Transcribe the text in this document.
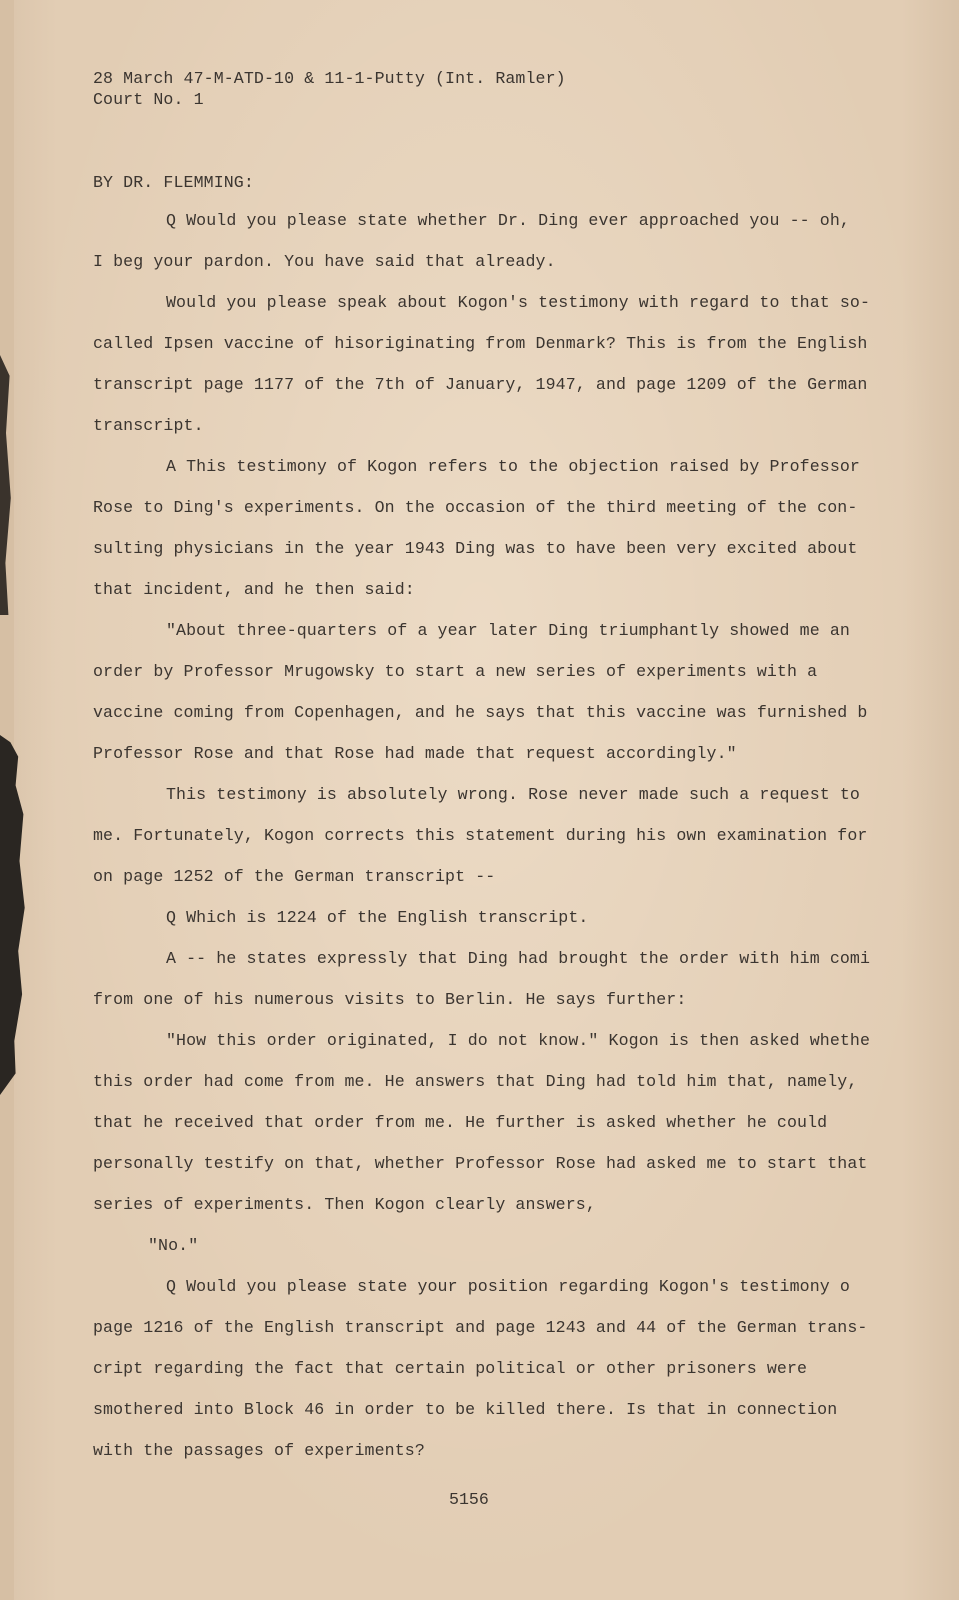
28 March 47-M-ATD-10 & 11-1-Putty (Int. Ramler)
Court No. 1
BY DR. FLEMMING:
Q Would you please state whether Dr. Ding ever approached you -- oh,
I beg your pardon. You have said that already.
Would you please speak about Kogon's testimony with regard to that so-
called Ipsen vaccine of hisoriginating from Denmark? This is from the English
transcript page 1177 of the 7th of January, 1947, and page 1209 of the German
transcript.
A This testimony of Kogon refers to the objection raised by Professor
Rose to Ding's experiments. On the occasion of the third meeting of the con-
sulting physicians in the year 1943 Ding was to have been very excited about
that incident, and he then said:
"About three-quarters of a year later Ding triumphantly showed me an
order by Professor Mrugowsky to start a new series of experiments with a
vaccine coming from Copenhagen, and he says that this vaccine was furnished b
Professor Rose and that Rose had made that request accordingly."
This testimony is absolutely wrong. Rose never made such a request to
me. Fortunately, Kogon corrects this statement during his own examination for
on page 1252 of the German transcript --
Q Which is 1224 of the English transcript.
A -- he states expressly that Ding had brought the order with him comi
from one of his numerous visits to Berlin. He says further:
"How this order originated, I do not know." Kogon is then asked whethe
this order had come from me. He answers that Ding had told him that, namely,
that he received that order from me. He further is asked whether he could
personally testify on that, whether Professor Rose had asked me to start that
series of experiments. Then Kogon clearly answers,
"No."
Q Would you please state your position regarding Kogon's testimony o
page 1216 of the English transcript and page 1243 and 44 of the German trans-
cript regarding the fact that certain political or other prisoners were
smothered into Block 46 in order to be killed there. Is that in connection
with the passages of experiments?
5156
